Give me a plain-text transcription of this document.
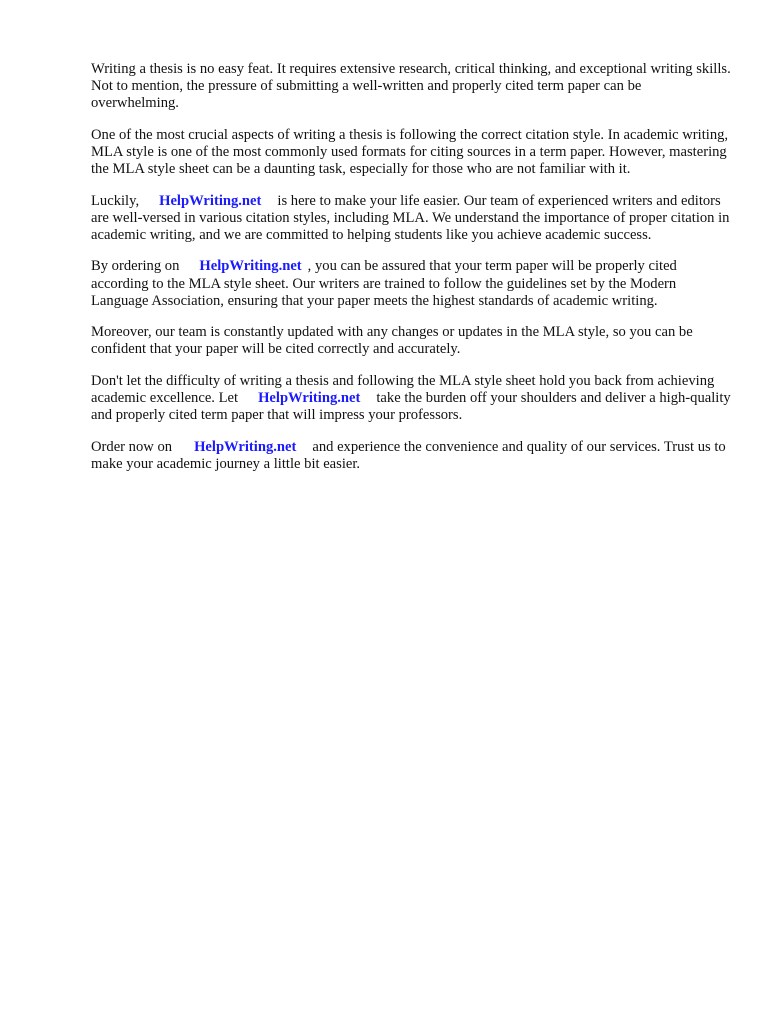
Writing a thesis is no easy feat. It requires extensive research, critical thinking, and exceptional writing skills. Not to mention, the pressure of submitting a well-written and properly cited term paper can be overwhelming.

One of the most crucial aspects of writing a thesis is following the correct citation style. In academic writing, MLA style is one of the most commonly used formats for citing sources in a term paper. However, mastering the MLA style sheet can be a daunting task, especially for those who are not familiar with it.

Luckily, HelpWriting.net is here to make your life easier. Our team of experienced writers and editors are well-versed in various citation styles, including MLA. We understand the importance of proper citation in academic writing, and we are committed to helping students like you achieve academic success.

By ordering on HelpWriting.net , you can be assured that your term paper will be properly cited according to the MLA style sheet. Our writers are trained to follow the guidelines set by the Modern Language Association, ensuring that your paper meets the highest standards of academic writing.

Moreover, our team is constantly updated with any changes or updates in the MLA style, so you can be confident that your paper will be cited correctly and accurately.

Don't let the difficulty of writing a thesis and following the MLA style sheet hold you back from achieving academic excellence. Let HelpWriting.net take the burden off your shoulders and deliver a high-quality and properly cited term paper that will impress your professors.

Order now on HelpWriting.net and experience the convenience and quality of our services. Trust us to make your academic journey a little bit easier.
